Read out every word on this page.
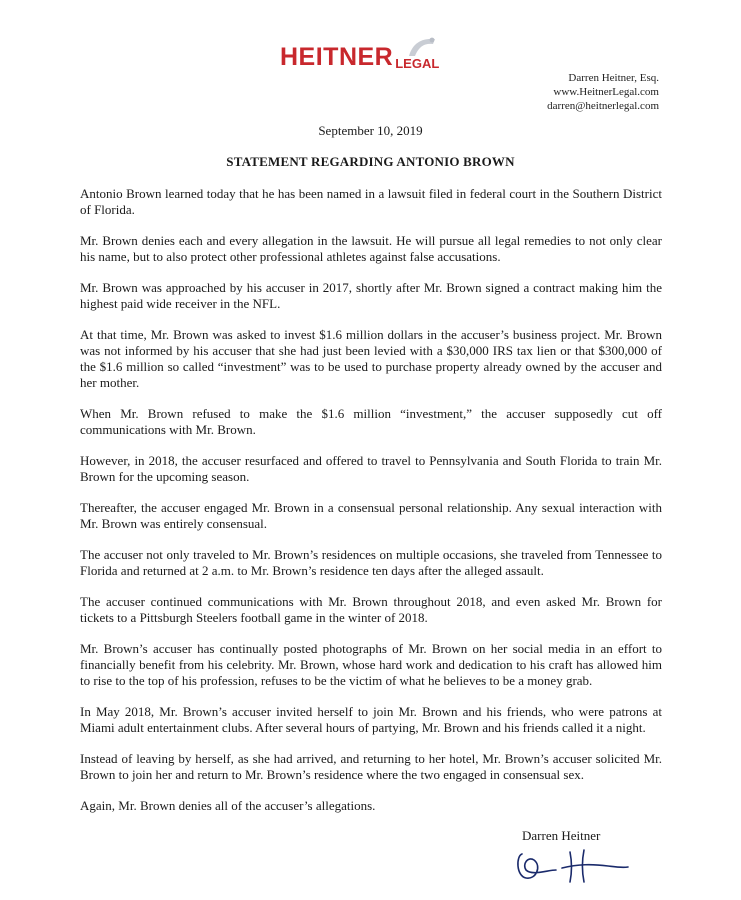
HEITNER LEGAL
Darren Heitner, Esq.
www.HeitnerLegal.com
darren@heitnerlegal.com
September 10, 2019
STATEMENT REGARDING ANTONIO BROWN

Antonio Brown learned today that he has been named in a lawsuit filed in federal court in the Southern District of Florida.

Mr. Brown denies each and every allegation in the lawsuit. He will pursue all legal remedies to not only clear his name, but to also protect other professional athletes against false accusations.

Mr. Brown was approached by his accuser in 2017, shortly after Mr. Brown signed a contract making him the highest paid wide receiver in the NFL.

At that time, Mr. Brown was asked to invest $1.6 million dollars in the accuser’s business project. Mr. Brown was not informed by his accuser that she had just been levied with a $30,000 IRS tax lien or that $300,000 of the $1.6 million so called “investment” was to be used to purchase property already owned by the accuser and her mother.

When Mr. Brown refused to make the $1.6 million “investment,” the accuser supposedly cut off communications with Mr. Brown.

However, in 2018, the accuser resurfaced and offered to travel to Pennsylvania and South Florida to train Mr. Brown for the upcoming season.

Thereafter, the accuser engaged Mr. Brown in a consensual personal relationship. Any sexual interaction with Mr. Brown was entirely consensual.

The accuser not only traveled to Mr. Brown’s residences on multiple occasions, she traveled from Tennessee to Florida and returned at 2 a.m. to Mr. Brown’s residence ten days after the alleged assault.

The accuser continued communications with Mr. Brown throughout 2018, and even asked Mr. Brown for tickets to a Pittsburgh Steelers football game in the winter of 2018.

Mr. Brown’s accuser has continually posted photographs of Mr. Brown on her social media in an effort to financially benefit from his celebrity. Mr. Brown, whose hard work and dedication to his craft has allowed him to rise to the top of his profession, refuses to be the victim of what he believes to be a money grab.

In May 2018, Mr. Brown’s accuser invited herself to join Mr. Brown and his friends, who were patrons at Miami adult entertainment clubs. After several hours of partying, Mr. Brown and his friends called it a night.

Instead of leaving by herself, as she had arrived, and returning to her hotel, Mr. Brown’s accuser solicited Mr. Brown to join her and return to Mr. Brown’s residence where the two engaged in consensual sex.

Again, Mr. Brown denies all of the accuser’s allegations.

Darren Heitner
